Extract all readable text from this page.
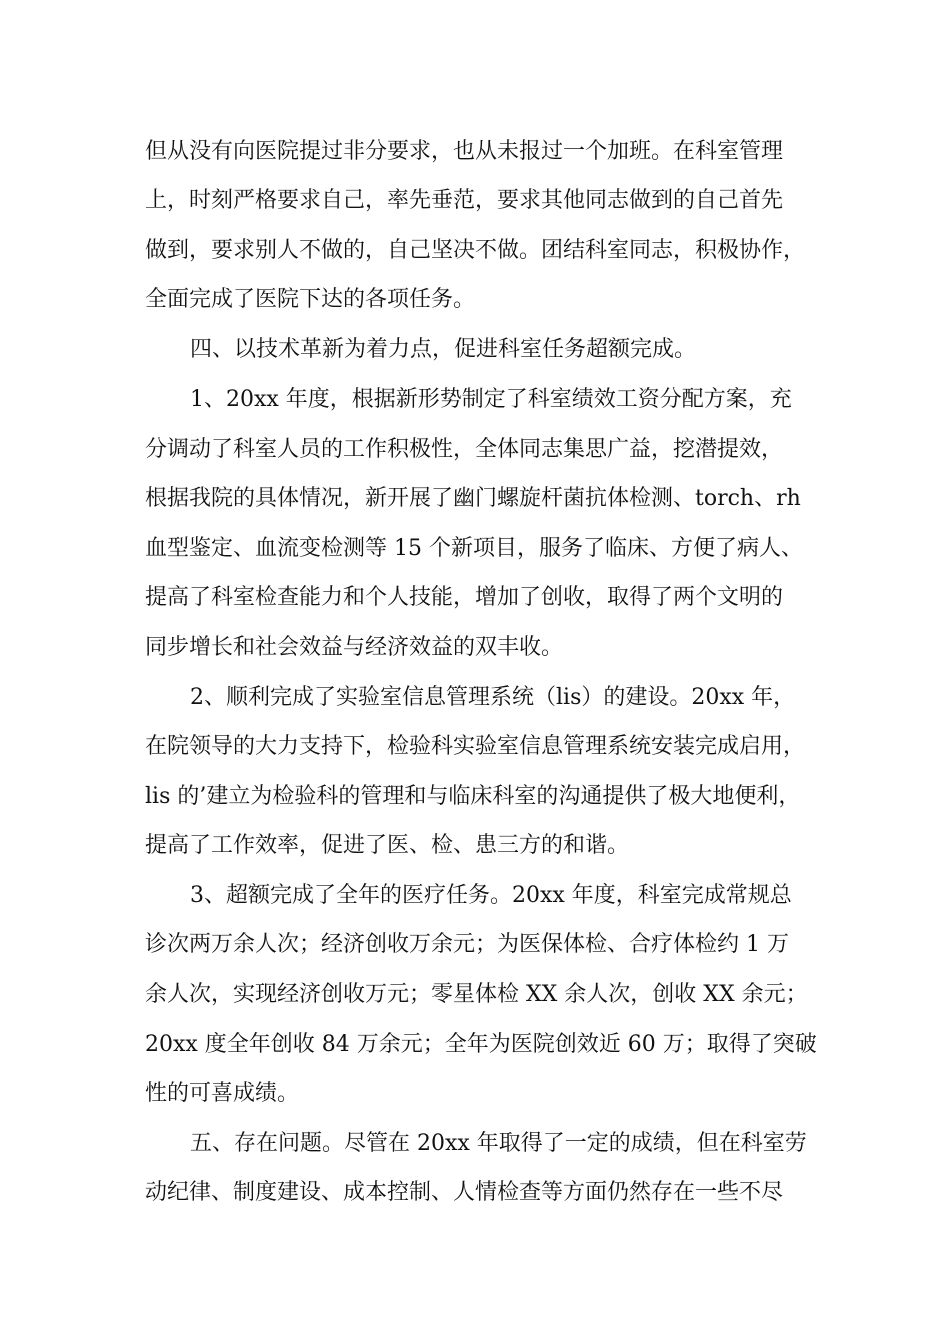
但从没有向医院提过非分要求，也从未报过一个加班。在科室管理

上，时刻严格要求自己，率先垂范，要求其他同志做到的自己首先

做到，要求别人不做的，自己坚决不做。团结科室同志，积极协作，

全面完成了医院下达的各项任务。

四、以技术革新为着力点，促进科室任务超额完成。

1、20xx 年度，根据新形势制定了科室绩效工资分配方案，充

分调动了科室人员的工作积极性，全体同志集思广益，挖潜提效，

根据我院的具体情况，新开展了幽门螺旋杆菌抗体检测、torch、rh

血型鉴定、血流变检测等 15 个新项目，服务了临床、方便了病人、

提高了科室检查能力和个人技能，增加了创收，取得了两个文明的

同步增长和社会效益与经济效益的双丰收。

2、顺利完成了实验室信息管理系统（lis）的建设。20xx 年，

在院领导的大力支持下，检验科实验室信息管理系统安装完成启用，

lis 的’建立为检验科的管理和与临床科室的沟通提供了极大地便利，

提高了工作效率，促进了医、检、患三方的和谐。

3、超额完成了全年的医疗任务。20xx 年度，科室完成常规总

诊次两万余人次；经济创收万余元；为医保体检、合疗体检约 1 万

余人次，实现经济创收万元；零星体检 XX 余人次，创收 XX 余元；

20xx 度全年创收 84 万余元；全年为医院创效近 60 万；取得了突破

性的可喜成绩。

五、存在问题。尽管在 20xx 年取得了一定的成绩，但在科室劳

动纪律、制度建设、成本控制、人情检查等方面仍然存在一些不尽
